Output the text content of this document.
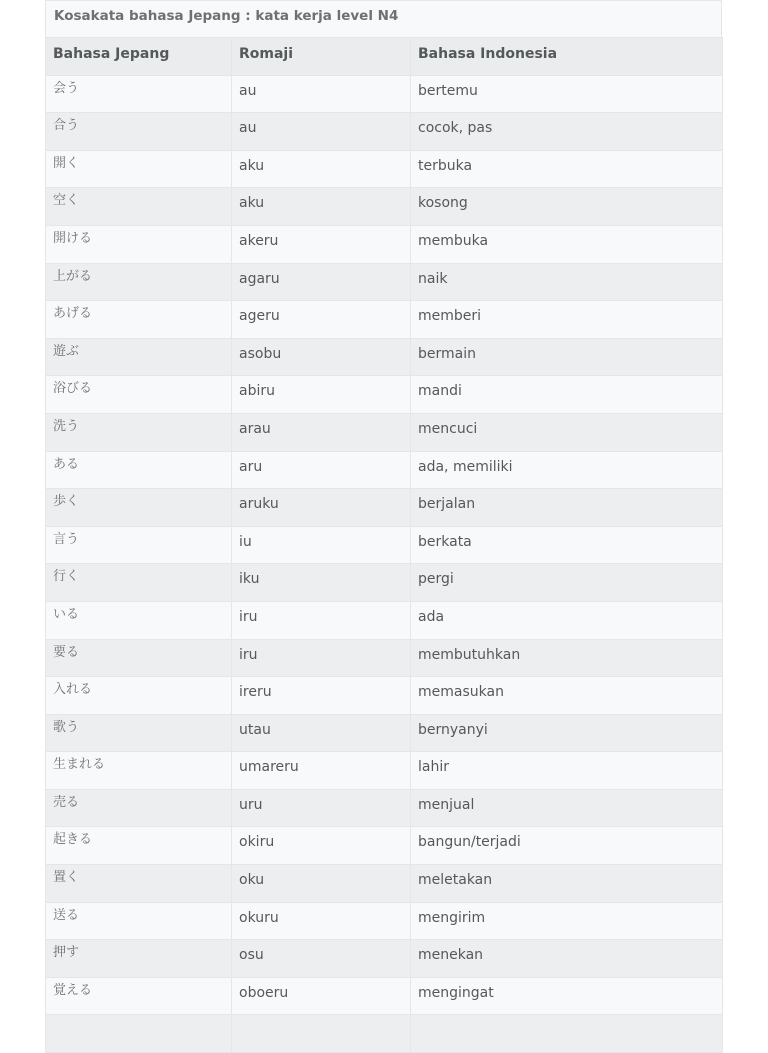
Kosakata bahasa Jepang : kata kerja level N4
Bahasa Jepang	Romaji	Bahasa Indonesia
会う	au	bertemu
合う	au	cocok, pas
開く	aku	terbuka
空く	aku	kosong
開ける	akeru	membuka
上がる	agaru	naik
あげる	ageru	memberi
遊ぶ	asobu	bermain
浴びる	abiru	mandi
洗う	arau	mencuci
ある	aru	ada, memiliki
歩く	aruku	berjalan
言う	iu	berkata
行く	iku	pergi
いる	iru	ada
要る	iru	membutuhkan
入れる	ireru	memasukan
歌う	utau	bernyanyi
生まれる	umareru	lahir
売る	uru	menjual
起きる	okiru	bangun/terjadi
置く	oku	meletakan
送る	okuru	mengirim
押す	osu	menekan
覚える	oboeru	mengingat
